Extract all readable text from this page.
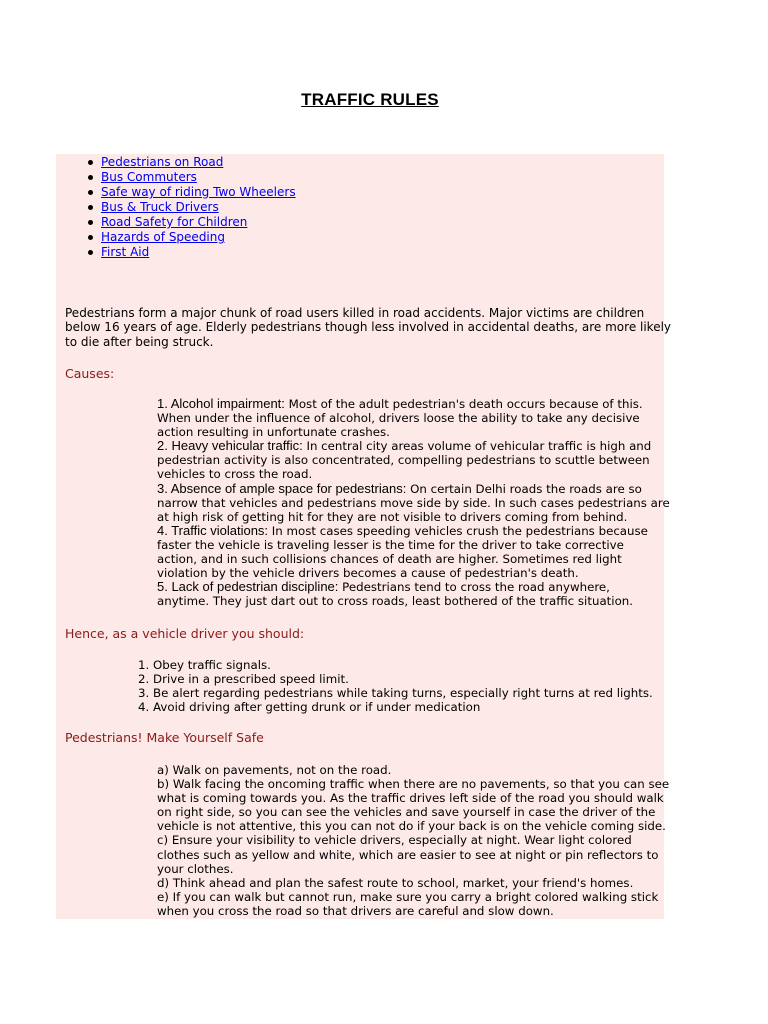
TRAFFIC RULES
Pedestrians on Road
Bus Commuters
Safe way of riding Two Wheelers
Bus & Truck Drivers
Road Safety for Children
Hazards of Speeding
First Aid
Pedestrians form a major chunk of road users killed in road accidents. Major victims are children
below 16 years of age. Elderly pedestrians though less involved in accidental deaths, are more likely
to die after being struck.
Causes:
1. Alcohol impairment: Most of the adult pedestrian's death occurs because of this.
When under the influence of alcohol, drivers loose the ability to take any decisive
action resulting in unfortunate crashes.
2. Heavy vehicular traffic: In central city areas volume of vehicular traffic is high and
pedestrian activity is also concentrated, compelling pedestrians to scuttle between
vehicles to cross the road.
3. Absence of ample space for pedestrians: On certain Delhi roads the roads are so
narrow that vehicles and pedestrians move side by side. In such cases pedestrians are
at high risk of getting hit for they are not visible to drivers coming from behind.
4. Traffic violations: In most cases speeding vehicles crush the pedestrians because
faster the vehicle is traveling lesser is the time for the driver to take corrective
action, and in such collisions chances of death are higher. Sometimes red light
violation by the vehicle drivers becomes a cause of pedestrian's death.
5. Lack of pedestrian discipline: Pedestrians tend to cross the road anywhere,
anytime. They just dart out to cross roads, least bothered of the traffic situation.
Hence, as a vehicle driver you should:
1. Obey traffic signals.
2. Drive in a prescribed speed limit.
3. Be alert regarding pedestrians while taking turns, especially right turns at red lights.
4. Avoid driving after getting drunk or if under medication
Pedestrians! Make Yourself Safe
a) Walk on pavements, not on the road.
b) Walk facing the oncoming traffic when there are no pavements, so that you can see
what is coming towards you. As the traffic drives left side of the road you should walk
on right side, so you can see the vehicles and save yourself in case the driver of the
vehicle is not attentive, this you can not do if your back is on the vehicle coming side.
c) Ensure your visibility to vehicle drivers, especially at night. Wear light colored
clothes such as yellow and white, which are easier to see at night or pin reflectors to
your clothes.
d) Think ahead and plan the safest route to school, market, your friend's homes.
e) If you can walk but cannot run, make sure you carry a bright colored walking stick
when you cross the road so that drivers are careful and slow down.
